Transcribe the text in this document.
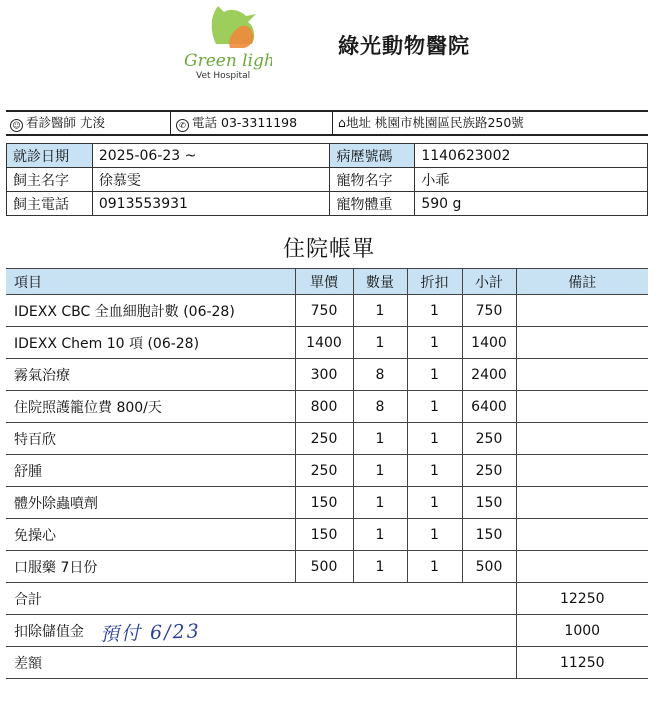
Green light
Vet Hospital
綠光動物醫院
☺ 看診醫師 尤浚	✆ 電話 03-3311198	⌂地址 桃園市桃園區民族路250號
就診日期	2025-06-23 ~	病歷號碼	1140623002
飼主名字	徐慕雯	寵物名字	小乖
飼主電話	0913553931	寵物體重	590 g
住院帳單
項目	單價	數量	折扣	小計	備註
IDEXX CBC 全血細胞計數 (06-28)	750	1	1	750	
IDEXX Chem 10 項 (06-28)	1400	1	1	1400	
霧氣治療	300	8	1	2400	
住院照護籠位費 800/天	800	8	1	6400	
特百欣	250	1	1	250	
舒腫	250	1	1	250	
體外除蟲噴劑	150	1	1	150	
免操心	150	1	1	150	
口服藥 7日份	500	1	1	500	
合計					12250
扣除儲值金					1000
差額					11250
預付 6/23
